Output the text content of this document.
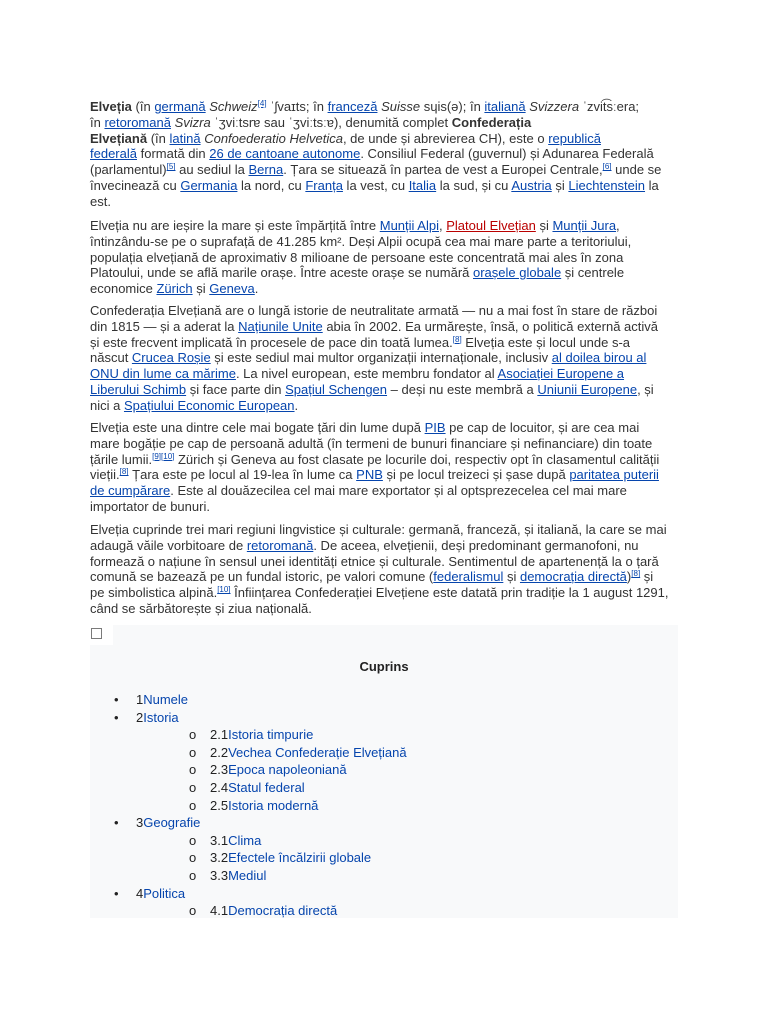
Elveția (în germană Schweiz[4] ˈʃvaɪts; în franceză Suisse sɥis(ə); în italiană Svizzera ˈzvit͡sːera;
în retoromană Svizra ˈʒviːtsrɐ sau ˈʒviːtsːɐ), denumită complet Confederația
Elvețiană (în latină Confoederatio Helvetica, de unde și abrevierea CH), este o republică
federală formată din 26 de cantoane autonome. Consiliul Federal (guvernul) și Adunarea Federală
(parlamentul)[5] au sediul la Berna. Țara se situează în partea de vest a Europei Centrale,[6] unde se
învecinează cu Germania la nord, cu Franța la vest, cu Italia la sud, și cu Austria și Liechtenstein la
est.

Elveția nu are ieșire la mare și este împărțită între Munții Alpi, Platoul Elvețian și Munții Jura,
întinzându-se pe o suprafață de 41.285 km². Deși Alpii ocupă cea mai mare parte a teritoriului,
populația elvețiană de aproximativ 8 milioane de persoane este concentrată mai ales în zona
Platoului, unde se află marile orașe. Între aceste orașe se numără orașele globale și centrele
economice Zürich și Geneva.

Confederația Elvețiană are o lungă istorie de neutralitate armată — nu a mai fost în stare de război
din 1815 — și a aderat la Națiunile Unite abia în 2002. Ea urmărește, însă, o politică externă activă
și este frecvent implicată în procesele de pace din toată lumea.[8] Elveția este și locul unde s-a
născut Crucea Roșie și este sediul mai multor organizații internaționale, inclusiv al doilea birou al
ONU din lume ca mărime. La nivel european, este membru fondator al Asociației Europene a
Liberului Schimb și face parte din Spațiul Schengen – deși nu este membră a Uniunii Europene, și
nici a Spațiului Economic European.

Elveția este una dintre cele mai bogate țări din lume după PIB pe cap de locuitor, și are cea mai
mare bogăție pe cap de persoană adultă (în termeni de bunuri financiare și nefinanciare) din toate
țările lumii.[9][10] Zürich și Geneva au fost clasate pe locurile doi, respectiv opt în clasamentul calității
vieții.[8] Țara este pe locul al 19-lea în lume ca PNB și pe locul treizeci și șase după paritatea puterii
de cumpărare. Este al douăzecilea cel mai mare exportator și al optsprezecelea cel mai mare
importator de bunuri.

Elveția cuprinde trei mari regiuni lingvistice și culturale: germană, franceză, și italiană, la care se mai
adaugă văile vorbitoare de retoromană. De aceea, elvețienii, deși predominant germanofoni, nu
formează o națiune în sensul unei identități etnice și culturale. Sentimentul de apartenență la o țară
comună se bazează pe un fundal istoric, pe valori comune (federalismul și democrația directă)[8] și
pe simbolistica alpină.[10] Înființarea Confederației Elvețiene este datată prin tradiție la 1 august 1291,
când se sărbătorește și ziua națională.

Cuprins
• 1Numele
• 2Istoria
o 2.1Istoria timpurie
o 2.2Vechea Confederație Elvețiană
o 2.3Epoca napoleoniană
o 2.4Statul federal
o 2.5Istoria modernă
• 3Geografie
o 3.1Clima
o 3.2Efectele încălzirii globale
o 3.3Mediul
• 4Politica
o 4.1Democrația directă
